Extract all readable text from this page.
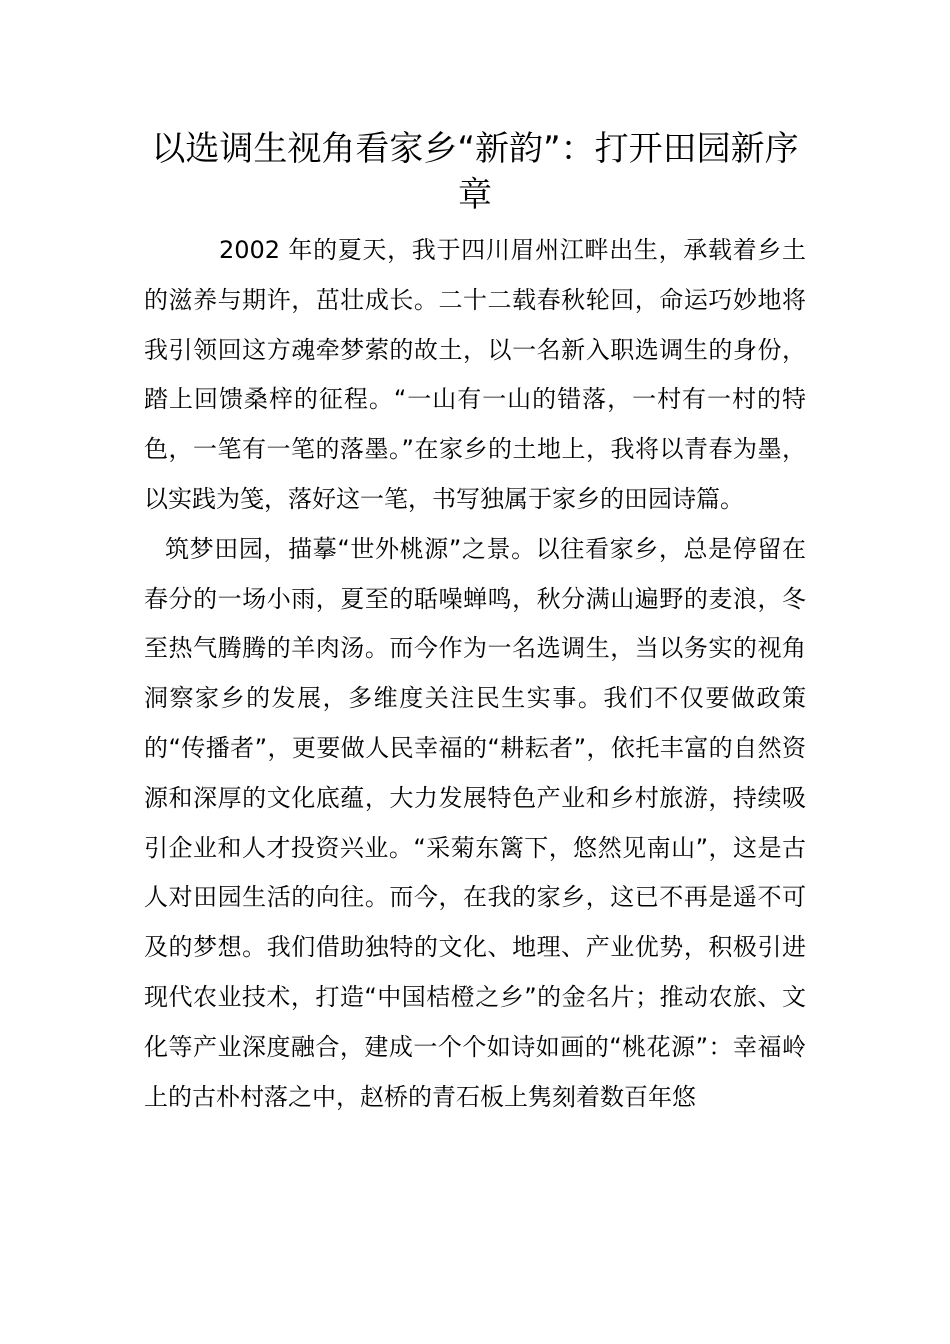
以选调生视角看家乡“新韵”：打开田园新序章

2002 年的夏天，我于四川眉州江畔出生，承载着乡土的滋养与期许，茁壮成长。二十二载春秋轮回，命运巧妙地将我引领回这方魂牵梦萦的故土，以一名新入职选调生的身份，踏上回馈桑梓的征程。“一山有一山的错落，一村有一村的特色，一笔有一笔的落墨。”在家乡的土地上，我将以青春为墨，以实践为笺，落好这一笔，书写独属于家乡的田园诗篇。

筑梦田园，描摹“世外桃源”之景。以往看家乡，总是停留在春分的一场小雨，夏至的聒噪蝉鸣，秋分满山遍野的麦浪，冬至热气腾腾的羊肉汤。而今作为一名选调生，当以务实的视角洞察家乡的发展，多维度关注民生实事。我们不仅要做政策的“传播者”，更要做人民幸福的“耕耘者”，依托丰富的自然资源和深厚的文化底蕴，大力发展特色产业和乡村旅游，持续吸引企业和人才投资兴业。“采菊东篱下，悠然见南山”，这是古人对田园生活的向往。而今，在我的家乡，这已不再是遥不可及的梦想。我们借助独特的文化、地理、产业优势，积极引进现代农业技术，打造“中国桔橙之乡”的金名片；推动农旅、文化等产业深度融合，建成一个个如诗如画的“桃花源”：幸福岭上的古朴村落之中，赵桥的青石板上隽刻着数百年悠
